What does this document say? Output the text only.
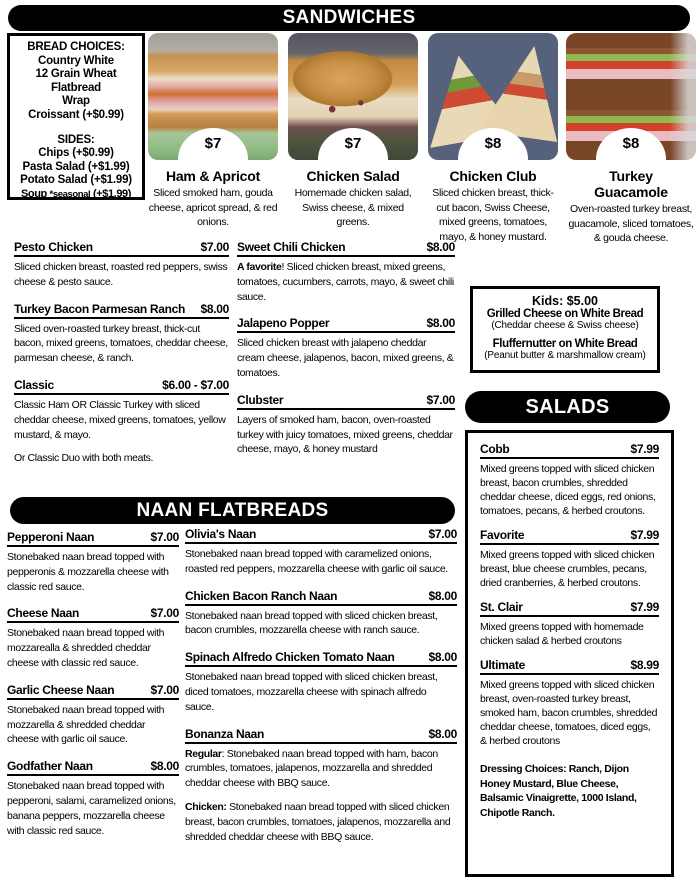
SANDWICHES
BREAD CHOICES:
Country White
12 Grain Wheat
Flatbread
Wrap
Croissant (+$0.99)
SIDES:
Chips (+$0.99)
Pasta Salad (+$1.99)
Potato Salad (+$1.99)
Soup *seasonal (+$1.99)
$7
Ham & Apricot
Sliced smoked ham, gouda cheese, apricot spread, & red onions.
$7
Chicken Salad
Homemade chicken salad, Swiss cheese, & mixed greens.
$8
Chicken Club
Sliced chicken breast, thick-cut bacon, Swiss Cheese, mixed greens, tomatoes, mayo, & honey mustard.
$8
Turkey Guacamole
Oven-roasted turkey breast, guacamole, sliced tomatoes, & gouda cheese.
Pesto Chicken	$7.00

Sliced chicken breast, roasted red peppers, swiss cheese & pesto sauce.

Turkey Bacon Parmesan Ranch $8.00

Sliced oven-roasted turkey breast, thick-cut bacon, mixed greens, tomatoes, cheddar cheese, parmesan cheese, & ranch.

Classic	$6.00 - $7.00

Classic Ham OR Classic Turkey with sliced cheddar cheese, mixed greens, tomatoes, yellow mustard, & mayo.

Or Classic Duo with both meats.

Sweet Chili Chicken	$8.00

A favorite! Sliced chicken breast, mixed greens, tomatoes, cucumbers, carrots, mayo, & sweet chili sauce.

Jalapeno Popper	$8.00

Sliced chicken breast with jalapeno cheddar cream cheese, jalapenos, bacon, mixed greens, & tomatoes.

Clubster	$7.00

Layers of smoked ham, bacon, oven-roasted turkey with juicy tomatoes, mixed greens, cheddar cheese, mayo, & honey mustard

Kids: $5.00
Grilled Cheese on White Bread
(Cheddar cheese & Swiss cheese)
Fluffernutter on White Bread
(Peanut butter & marshmallow cream)
SALADS
Cobb	$7.99

Mixed greens topped with sliced chicken breast, bacon crumbles, shredded cheddar cheese, diced eggs, red onions, tomatoes, pecans, & herbed croutons.

Favorite	$7.99

Mixed greens topped with sliced chicken breast, blue cheese crumbles, pecans, dried cranberries, & herbed croutons.

St. Clair	$7.99

Mixed greens topped with homemade chicken salad & herbed croutons

Ultimate	$8.99

Mixed greens topped with sliced chicken breast, oven-roasted turkey breast, smoked ham, bacon crumbles, shredded cheddar cheese, tomatoes, diced eggs, & herbed croutons

Dressing Choices: Ranch, Dijon Honey Mustard, Blue Cheese, Balsamic Vinaigrette, 1000 Island, Chipotle Ranch.
NAAN FLATBREADS
Pepperoni Naan	$7.00

Stonebaked naan bread topped with pepperonis & mozzarella cheese with classic red sauce.

Cheese Naan	$7.00

Stonebaked naan bread topped with mozzarealla & shredded cheddar cheese with classic red sauce.

Garlic Cheese Naan	$7.00

Stonebaked naan bread topped with mozzarella & shredded cheddar cheese with garlic oil sauce.

Godfather Naan	$8.00

Stonebaked naan bread topped with pepperoni, salami, caramelized onions, banana peppers, mozzarella cheese with classic red sauce.

Olivia's Naan	$7.00

Stonebaked naan bread topped with caramelized onions, roasted red peppers, mozzarella cheese with garlic oil sauce.

Chicken Bacon Ranch Naan	$8.00

Stonebaked naan bread topped with sliced chicken breast, bacon crumbles, mozzarella cheese with ranch sauce.

Spinach Alfredo Chicken Tomato Naan	$8.00

Stonebaked naan bread topped with sliced chicken breast, diced tomatoes, mozzarella cheese with spinach alfredo sauce.

Bonanza Naan	$8.00

Regular: Stonebaked naan bread topped with ham, bacon crumbles, tomatoes, jalapenos, mozzarella and shredded cheddar cheese with BBQ sauce.

Chicken: Stonebaked naan bread topped with sliced chicken breast, bacon crumbles, tomatoes, jalapenos, mozzarella and shredded cheddar cheese with BBQ sauce.
